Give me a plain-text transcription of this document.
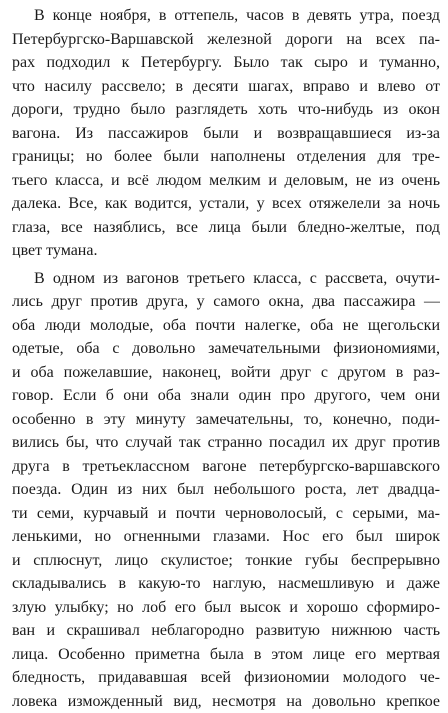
В конце ноября, в оттепель, часов в девять утра, поезд
Петербургско-Варшавской железной дороги на всех па-
рах подходил к Петербургу. Было так сыро и туманно,
что насилу рассвело; в десяти шагах, вправо и влево от
дороги, трудно было разглядеть хоть что-нибудь из окон
вагона. Из пассажиров были и возвращавшиеся из-за
границы; но более были наполнены отделения для тре-
тьего класса, и всё людом мелким и деловым, не из очень
далека. Все, как водится, устали, у всех отяжелели за ночь
глаза, все назяблись, все лица были бледно-желтые, под
цвет тумана.
В одном из вагонов третьего класса, с рассвета, очути-
лись друг против друга, у самого окна, два пассажира —
оба люди молодые, оба почти налегке, оба не щегольски
одетые, оба с довольно замечательными физиономиями,
и оба пожелавшие, наконец, войти друг с другом в раз-
говор. Если б они оба знали один про другого, чем они
особенно в эту минуту замечательны, то, конечно, поди-
вились бы, что случай так странно посадил их друг против
друга в третьеклассном вагоне петербургско-варшавского
поезда. Один из них был небольшого роста, лет двадца-
ти семи, курчавый и почти черноволосый, с серыми, ма-
ленькими, но огненными глазами. Нос его был широк
и сплюснут, лицо скулистое; тонкие губы беспрерывно
складывались в какую-то наглую, насмешливую и даже
злую улыбку; но лоб его был высок и хорошо сформиро-
ван и скрашивал неблагородно развитую нижнюю часть
лица. Особенно приметна была в этом лице его мертвая
бледность, придававшая всей физиономии молодого че-
ловека изможденный вид, несмотря на довольно крепкое
